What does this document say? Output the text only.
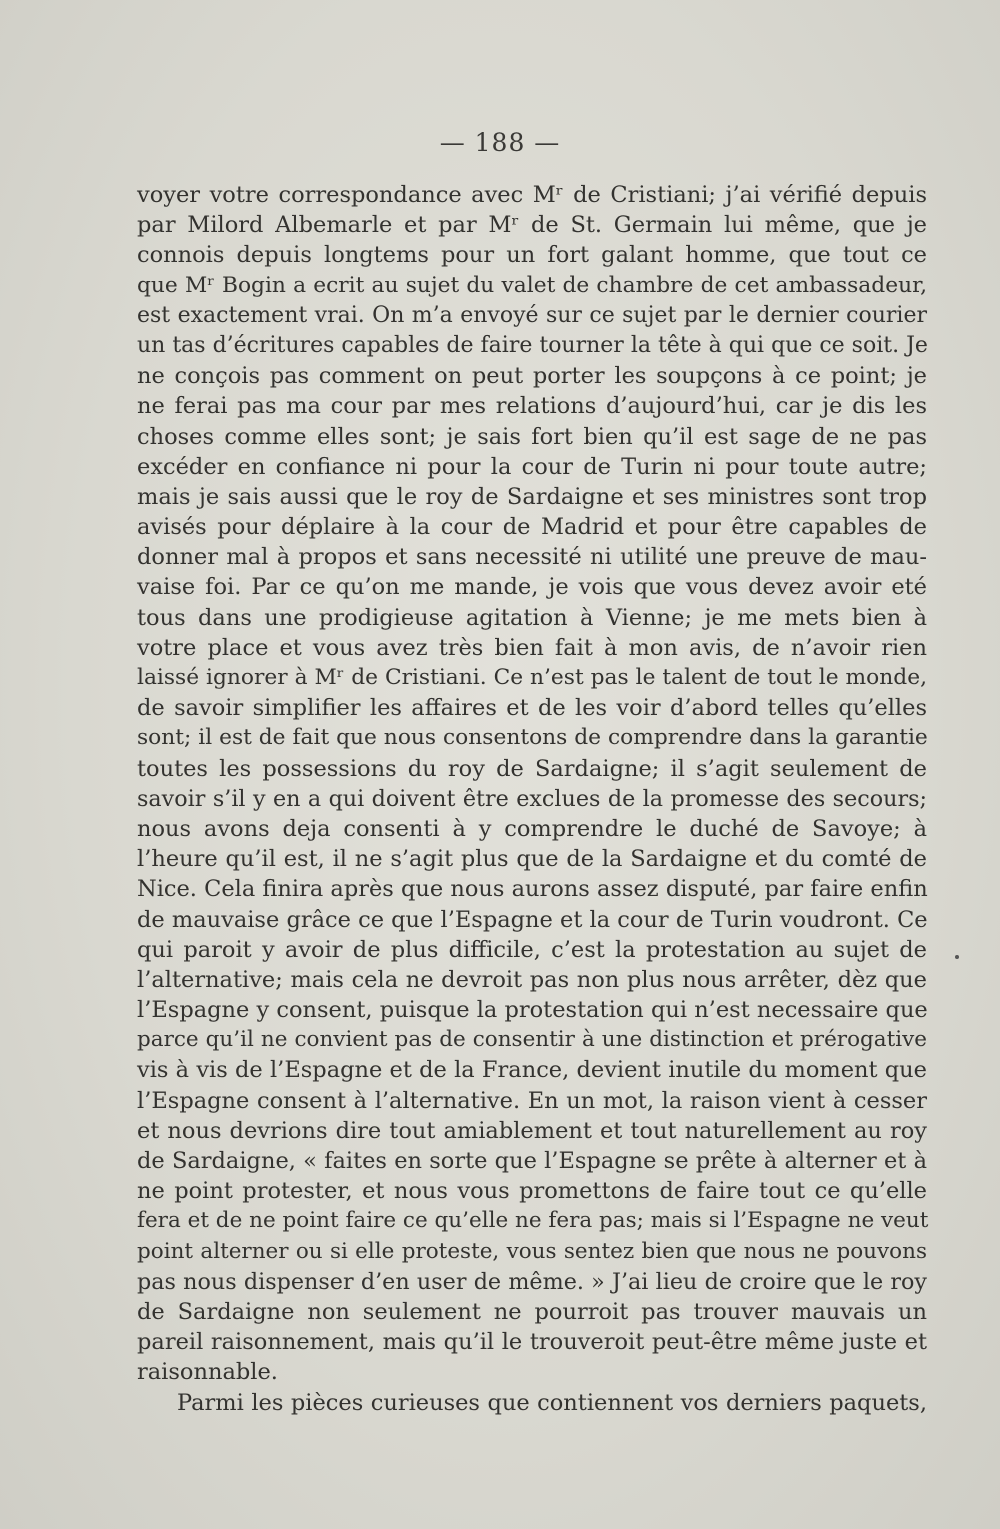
— 188 —
voyer votre correspondance avec Mʳ de Cristiani; j’ai vérifié depuis
par Milord Albemarle et par Mʳ de St. Germain lui même, que je
connois depuis longtems pour un fort galant homme, que tout ce
que Mʳ Bogin a ecrit au sujet du valet de chambre de cet ambassadeur,
est exactement vrai. On m’a envoyé sur ce sujet par le dernier courier
un tas d’écritures capables de faire tourner la tête à qui que ce soit. Je
ne conçois pas comment on peut porter les soupçons à ce point; je
ne ferai pas ma cour par mes relations d’aujourd’hui, car je dis les
choses comme elles sont; je sais fort bien qu’il est sage de ne pas
excéder en confiance ni pour la cour de Turin ni pour toute autre;
mais je sais aussi que le roy de Sardaigne et ses ministres sont trop
avisés pour déplaire à la cour de Madrid et pour être capables de
donner mal à propos et sans necessité ni utilité une preuve de mau-
vaise foi. Par ce qu’on me mande, je vois que vous devez avoir eté
tous dans une prodigieuse agitation à Vienne; je me mets bien à
votre place et vous avez très bien fait à mon avis, de n’avoir rien
laissé ignorer à Mʳ de Cristiani. Ce n’est pas le talent de tout le monde,
de savoir simplifier les affaires et de les voir d’abord telles qu’elles
sont; il est de fait que nous consentons de comprendre dans la garantie
toutes les possessions du roy de Sardaigne; il s’agit seulement de
savoir s’il y en a qui doivent être exclues de la promesse des secours;
nous avons deja consenti à y comprendre le duché de Savoye; à
l’heure qu’il est, il ne s’agit plus que de la Sardaigne et du comté de
Nice. Cela finira après que nous aurons assez disputé, par faire enfin
de mauvaise grâce ce que l’Espagne et la cour de Turin voudront. Ce
qui paroit y avoir de plus difficile, c’est la protestation au sujet de
l’alternative; mais cela ne devroit pas non plus nous arrêter, dèz que
l’Espagne y consent, puisque la protestation qui n’est necessaire que
parce qu’il ne convient pas de consentir à une distinction et prérogative
vis à vis de l’Espagne et de la France, devient inutile du moment que
l’Espagne consent à l’alternative. En un mot, la raison vient à cesser
et nous devrions dire tout amiablement et tout naturellement au roy
de Sardaigne, « faites en sorte que l’Espagne se prête à alterner et à
ne point protester, et nous vous promettons de faire tout ce qu’elle
fera et de ne point faire ce qu’elle ne fera pas; mais si l’Espagne ne veut
point alterner ou si elle proteste, vous sentez bien que nous ne pouvons
pas nous dispenser d’en user de même. » J’ai lieu de croire que le roy
de Sardaigne non seulement ne pourroit pas trouver mauvais un
pareil raisonnement, mais qu’il le trouveroit peut-être même juste et
raisonnable.
Parmi les pièces curieuses que contiennent vos derniers paquets,
